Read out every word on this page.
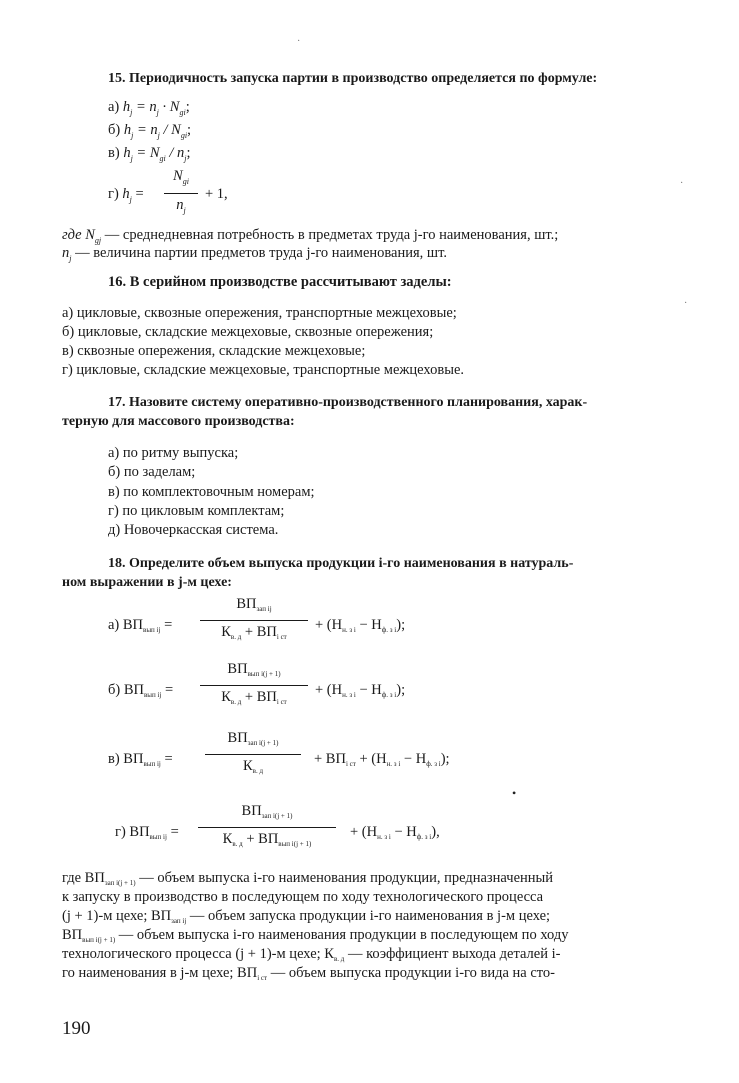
15. Периодичность запуска партии в производство определяется по формуле:
а) $h_j = n_j \cdot N_{gi}$;
б) $h_j = n_j / N_{gi}$;
в) $h_j = N_{gi} / n_j$;
г) $h_j$ =
$N_{gi}$
$n_j$
+ 1,
где $N_{gj}$ — среднедневная потребность в предметах труда j-го наименования, шт.;
$n_j$ — величина партии предметов труда j-го наименования, шт.
16. В серийном производстве рассчитывают заделы:
а) цикловые, сквозные опережения, транспортные межцеховые;
б) цикловые, складские межцеховые, сквозные опережения;
в) сквозные опережения, складские межцеховые;
г) цикловые, складские межцеховые, транспортные межцеховые.
17. Назовите систему оперативно-производственного планирования, харак-
терную для массового производства:
а) по ритму выпуска;
б) по заделам;
в) по комплектовочным номерам;
г) по цикловым комплектам;
д) Новочеркасская система.
18. Определите объем выпуска продукции i-го наименования в натураль-
ном выражении в j-м цехе:
а) $ВП_{вып ij}$ =
$ВП_{зап ij}$
$К_{в. д} + ВП_{i ст}$
+ $(Н_{н. з i} - Н_{ф. з i})$;
б) $ВП_{вып ij}$ =
$ВП_{вып i(j + 1)}$
$К_{в. д} + ВП_{i ст}$
+ $(Н_{н. з i} - Н_{ф. з i})$;
в) $ВП_{вып ij}$ =
$ВП_{зап i(j + 1)}$
$К_{в. д}$
+ $ВП_{i ст} + (Н_{н. з i} - Н_{ф. з i})$;
г) $ВП_{вып ij}$ =
$ВП_{зап i(j + 1)}$
$К_{в. д} + ВП_{вып i(j + 1)}$
+ $(Н_{н. з i} - Н_{ф. з i})$,
где $ВП_{зап i(j + 1)}$ — объем выпуска i-го наименования продукции, предназначенный
к запуску в производство в последующем по ходу технологического процесса
(j + 1)-м цехе; $ВП_{зап ij}$ — объем запуска продукции i-го наименования в j-м цехе;
$ВП_{вып i(j + 1)}$ — объем выпуска i-го наименования продукции в последующем по ходу
технологического процесса (j + 1)-м цехе; $К_{в. д}$ — коэффициент выхода деталей i-
го наименования в j-м цехе; $ВП_{i ст}$ — объем выпуска продукции i-го вида на сто-
·
·
·
•
190
